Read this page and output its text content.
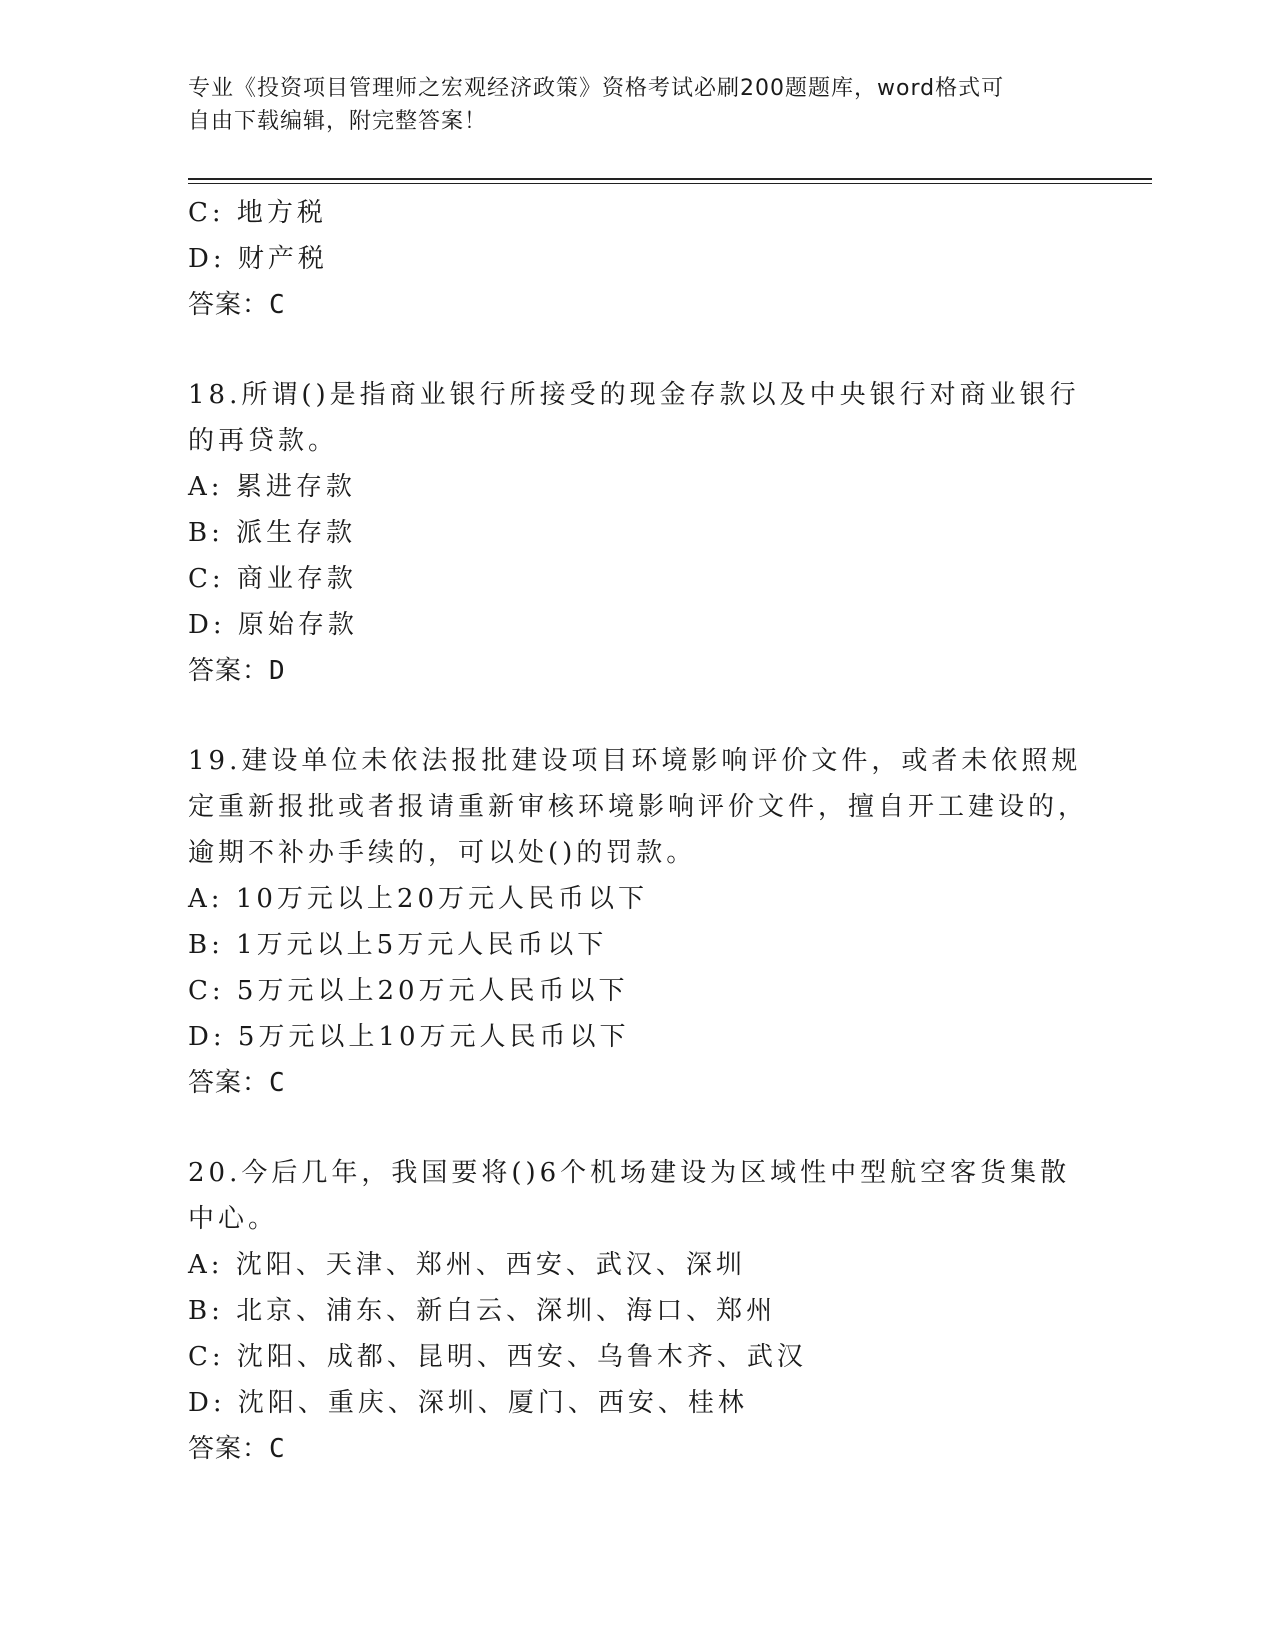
专业《投资项目管理师之宏观经济政策》资格考试必刷200题题库，word格式可
自由下载编辑，附完整答案！
C: 地方税
D: 财产税
答案：C
18.所谓()是指商业银行所接受的现金存款以及中央银行对商业银行的再贷款。
A: 累进存款
B: 派生存款
C: 商业存款
D: 原始存款
答案：D
19.建设单位未依法报批建设项目环境影响评价文件，或者未依照规定重新报批或者报请重新审核环境影响评价文件，擅自开工建设的，逾期不补办手续的，可以处()的罚款。
A: 10万元以上20万元人民币以下
B: 1万元以上5万元人民币以下
C: 5万元以上20万元人民币以下
D: 5万元以上10万元人民币以下
答案：C
20.今后几年，我国要将()6个机场建设为区域性中型航空客货集散中心。
A: 沈阳、天津、郑州、西安、武汉、深圳
B: 北京、浦东、新白云、深圳、海口、郑州
C: 沈阳、成都、昆明、西安、乌鲁木齐、武汉
D: 沈阳、重庆、深圳、厦门、西安、桂林
答案：C
